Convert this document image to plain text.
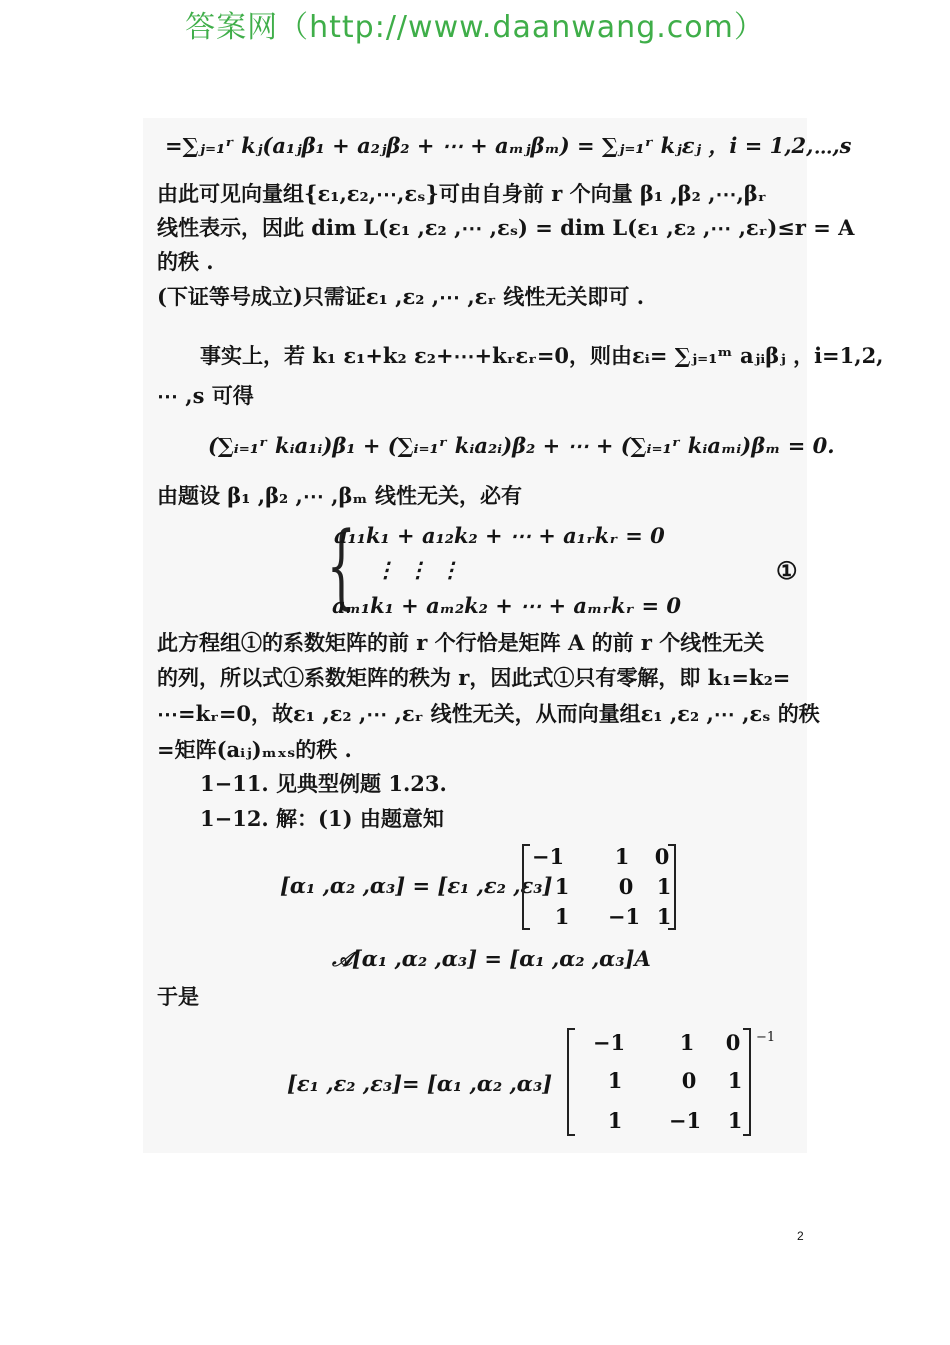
答案网（http://www.daanwang.com）
=∑ⱼ₌₁ʳ kⱼ(a₁ⱼβ₁ + a₂ⱼβ₂ + ⋯ + aₘⱼβₘ) = ∑ⱼ₌₁ʳ kⱼεⱼ ，i = 1,2,⋯,s
由此可见向量组{ε₁,ε₂,⋯,εₛ}可由自身前 r 个向量 β₁ ,β₂ ,⋯,βᵣ
线性表示，因此 dim L(ε₁ ,ε₂ ,⋯ ,εₛ) = dim L(ε₁ ,ε₂ ,⋯ ,εᵣ)≤r = A
的秩 .
(下证等号成立)只需证ε₁ ,ε₂ ,⋯ ,εᵣ 线性无关即可 .
事实上，若 k₁ ε₁+k₂ ε₂+⋯+kᵣεᵣ=0，则由εᵢ= ∑ⱼ₌₁ᵐ aⱼᵢβⱼ ，i=1,2,
⋯ ,s 可得
(∑ᵢ₌₁ʳ kᵢa₁ᵢ)β₁ + (∑ᵢ₌₁ʳ kᵢa₂ᵢ)β₂ + ⋯ + (∑ᵢ₌₁ʳ kᵢaₘᵢ)βₘ = 0.
由题设 β₁ ,β₂ ,⋯ ,βₘ 线性无关，必有
{
a₁₁k₁ + a₁₂k₂ + ⋯ + a₁ᵣkᵣ = 0
⋮ ⋮ ⋮
aₘ₁k₁ + aₘ₂k₂ + ⋯ + aₘᵣkᵣ = 0
①
此方程组①的系数矩阵的前 r 个行恰是矩阵 A 的前 r 个线性无关
的列，所以式①系数矩阵的秩为 r，因此式①只有零解，即 k₁=k₂=
⋯=kᵣ=0，故ε₁ ,ε₂ ,⋯ ,εᵣ 线性无关，从而向量组ε₁ ,ε₂ ,⋯ ,εₛ 的秩
=矩阵(aᵢⱼ)ₘₓₛ的秩 .
1−11. 见典型例题 1.23.
1−12. 解：(1) 由题意知
[α₁ ,α₂ ,α₃] = [ε₁ ,ε₂ ,ε₃]
−1	1	0
1	0	1
1	−1 1
𝒜[α₁ ,α₂ ,α₃] = [α₁ ,α₂ ,α₃]A
于是
[ε₁ ,ε₂ ,ε₃]= [α₁ ,α₂ ,α₃]
−1	1	0
1	0	1
1	−1	1
−1
2
